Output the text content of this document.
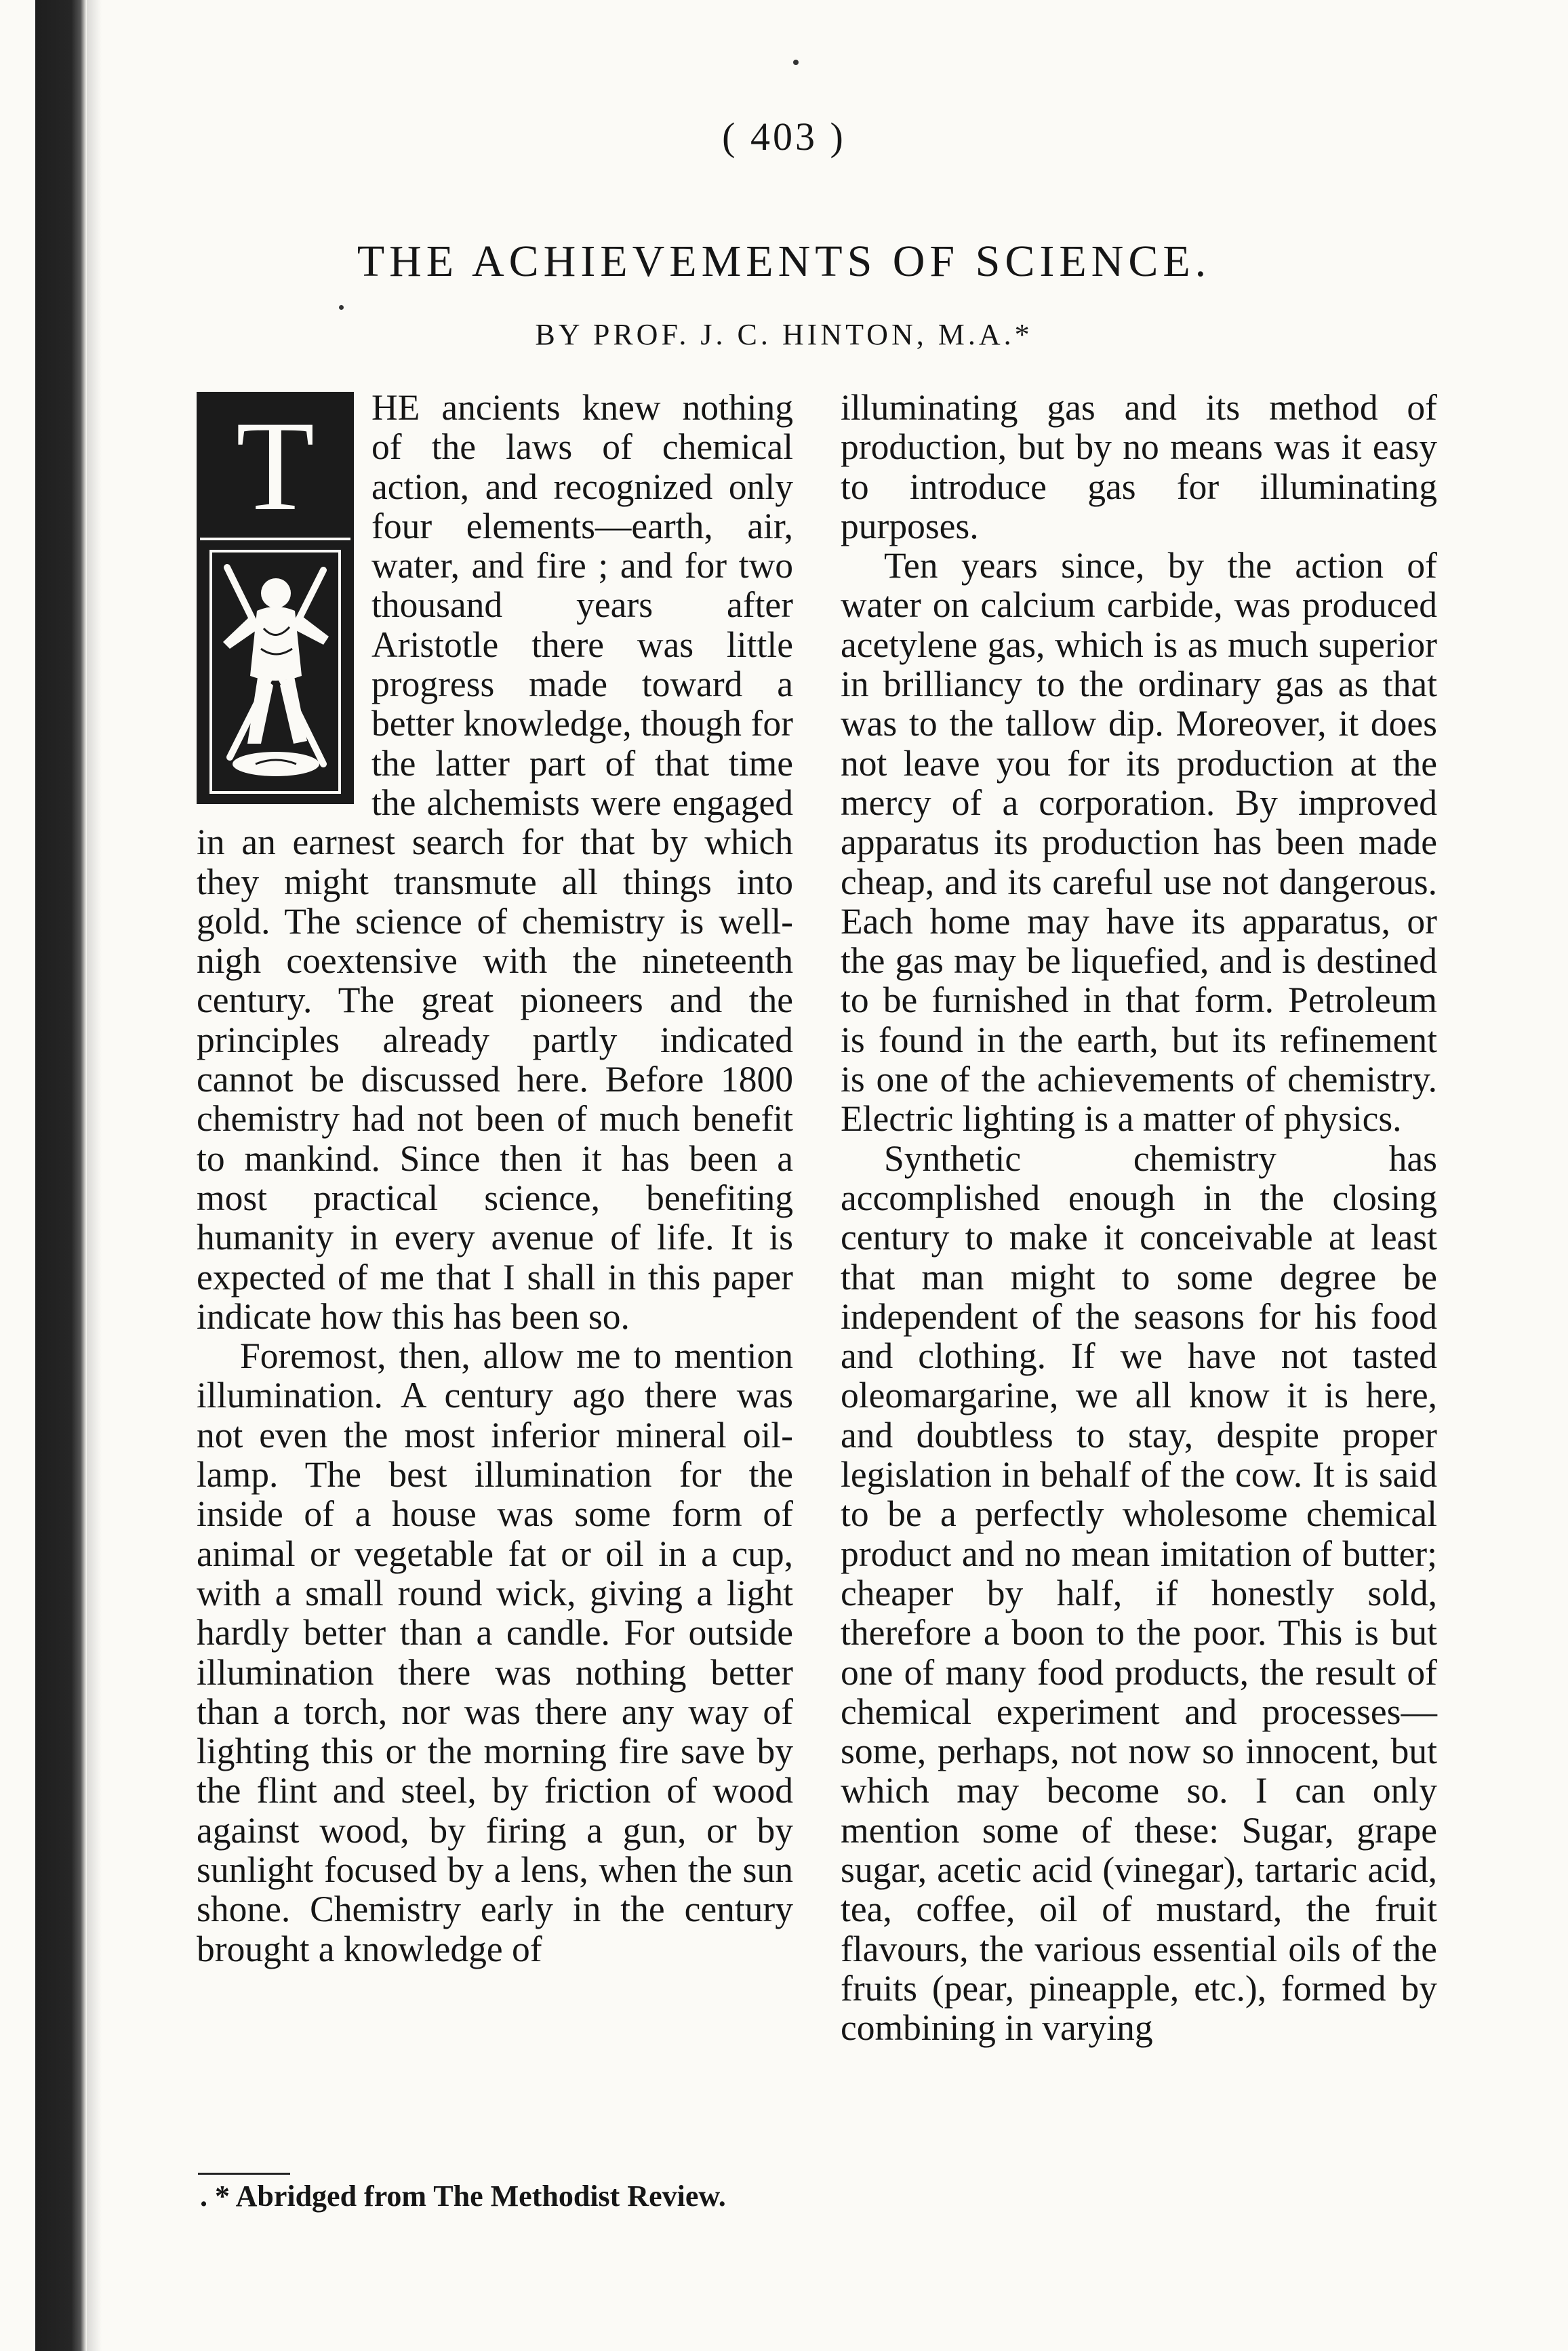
( 403 )
THE ACHIEVEMENTS OF SCIENCE.
BY PROF. J. C. HINTON, M.A.*
T	HE ancients knew nothing of the laws of chemical action, and recognized only four elements—earth, air, water, and fire ; and for two thousand years after Aristotle there was little progress made toward a better knowledge, though for the latter part of that time the alchemists were engaged in an earnest search for that by which they might transmute all things into gold. The science of chemistry is well-nigh coextensive with the nineteenth century. The great pioneers and the principles already partly indicated cannot be discussed here. Before 1800 chemistry had not been of much benefit to mankind. Since then it has been a most practical science, benefiting humanity in every avenue of life. It is expected of me that I shall in this paper indicate how this has been so.

Foremost, then, allow me to mention illumination. A century ago there was not even the most inferior mineral oil-lamp. The best illumination for the inside of a house was some form of animal or vegetable fat or oil in a cup, with a small round wick, giving a light hardly better than a candle. For outside illumination there was nothing better than a torch, nor was there any way of lighting this or the morning fire save by the flint and steel, by friction of wood against wood, by firing a gun, or by sunlight focused by a lens, when the sun shone. Chemistry early in the century brought a knowledge of

illuminating gas and its method of production, but by no means was it easy to introduce gas for illuminating purposes.

Ten years since, by the action of water on calcium carbide, was produced acetylene gas, which is as much superior in brilliancy to the ordinary gas as that was to the tallow dip. Moreover, it does not leave you for its production at the mercy of a corporation. By improved apparatus its production has been made cheap, and its careful use not dangerous. Each home may have its apparatus, or the gas may be liquefied, and is destined to be furnished in that form. Petroleum is found in the earth, but its refinement is one of the achievements of chemistry. Electric lighting is a matter of physics.

Synthetic chemistry has accomplished enough in the closing century to make it conceivable at least that man might to some degree be independent of the seasons for his food and clothing. If we have not tasted oleomargarine, we all know it is here, and doubtless to stay, despite proper legislation in behalf of the cow. It is said to be a perfectly wholesome chemical product and no mean imitation of butter; cheaper by half, if honestly sold, therefore a boon to the poor. This is but one of many food products, the result of chemical experiment and processes—some, perhaps, not now so innocent, but which may become so. I can only mention some of these: Sugar, grape sugar, acetic acid (vinegar), tartaric acid, tea, coffee, oil of mustard, the fruit flavours, the various essential oils of the fruits (pear, pineapple, etc.), formed by combining in varying

. * Abridged from The Methodist Review.
